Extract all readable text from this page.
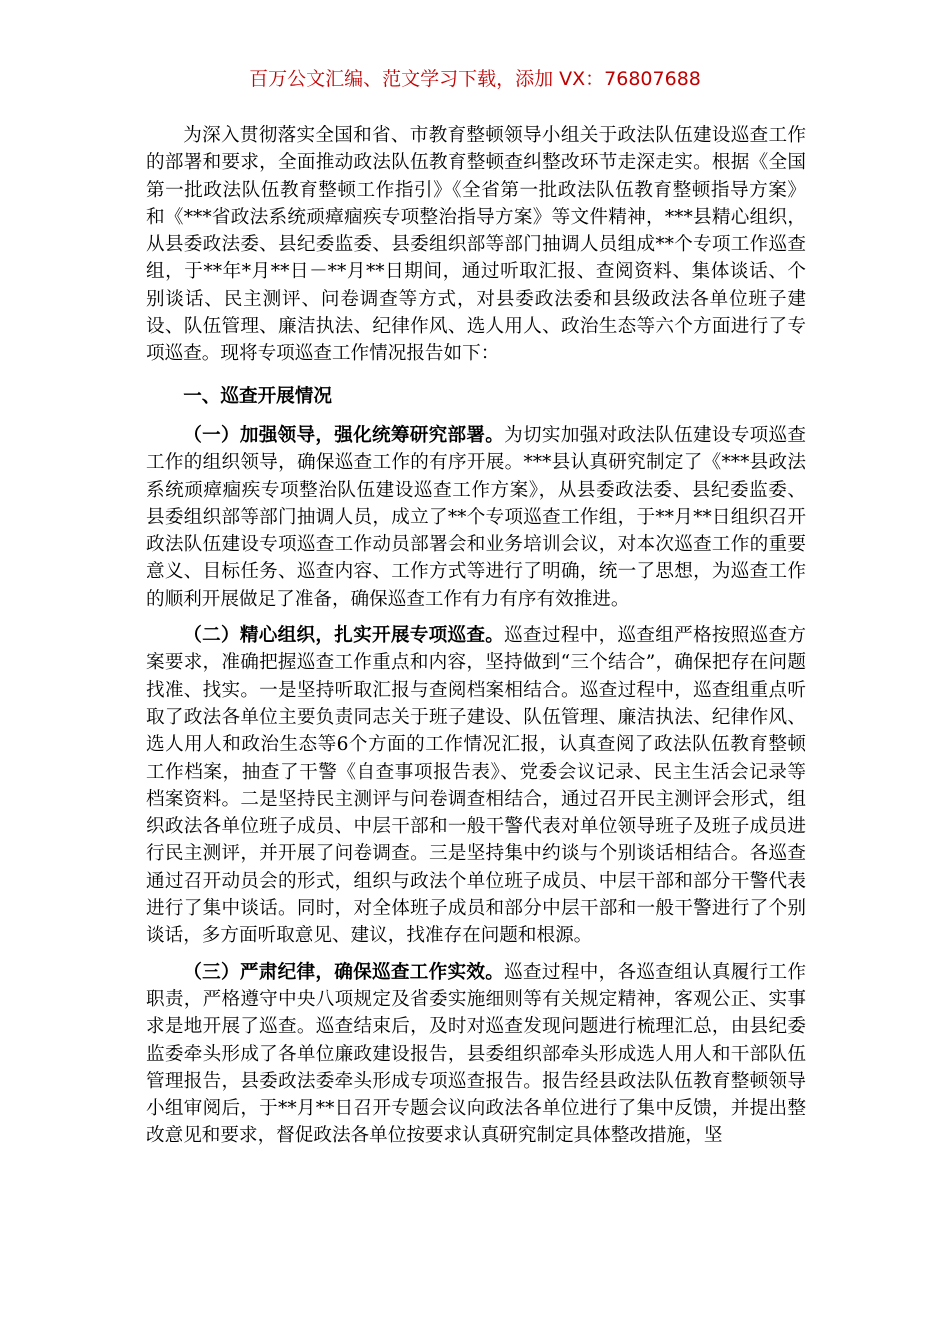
百万公文汇编、范文学习下载，添加 VX：76807688

为深入贯彻落实全国和省、市教育整顿领导小组关于政法队伍建设巡查工作的部署和要求，全面推动政法队伍教育整顿查纠整改环节走深走实。根据《全国第一批政法队伍教育整顿工作指引》《全省第一批政法队伍教育整顿指导方案》和《***省政法系统顽瘴痼疾专项整治指导方案》等文件精神，***县精心组织，从县委政法委、县纪委监委、县委组织部等部门抽调人员组成**个专项工作巡查组，于**年*月**日－**月**日期间，通过听取汇报、查阅资料、集体谈话、个别谈话、民主测评、问卷调查等方式，对县委政法委和县级政法各单位班子建设、队伍管理、廉洁执法、纪律作风、选人用人、政治生态等六个方面进行了专项巡查。现将专项巡查工作情况报告如下：

一、巡查开展情况

（一）加强领导，强化统筹研究部署。为切实加强对政法队伍建设专项巡查工作的组织领导，确保巡查工作的有序开展。***县认真研究制定了《***县政法系统顽瘴痼疾专项整治队伍建设巡查工作方案》，从县委政法委、县纪委监委、县委组织部等部门抽调人员，成立了**个专项巡查工作组，于**月**日组织召开政法队伍建设专项巡查工作动员部署会和业务培训会议，对本次巡查工作的重要意义、目标任务、巡查内容、工作方式等进行了明确，统一了思想，为巡查工作的顺利开展做足了准备，确保巡查工作有力有序有效推进。

（二）精心组织，扎实开展专项巡查。巡查过程中，巡查组严格按照巡查方案要求，准确把握巡查工作重点和内容，坚持做到“三个结合”，确保把存在问题找准、找实。一是坚持听取汇报与查阅档案相结合。巡查过程中，巡查组重点听取了政法各单位主要负责同志关于班子建设、队伍管理、廉洁执法、纪律作风、选人用人和政治生态等6个方面的工作情况汇报，认真查阅了政法队伍教育整顿工作档案，抽查了干警《自查事项报告表》、党委会议记录、民主生活会记录等档案资料。二是坚持民主测评与问卷调查相结合，通过召开民主测评会形式，组织政法各单位班子成员、中层干部和一般干警代表对单位领导班子及班子成员进行民主测评，并开展了问卷调查。三是坚持集中约谈与个别谈话相结合。各巡查通过召开动员会的形式，组织与政法个单位班子成员、中层干部和部分干警代表进行了集中谈话。同时，对全体班子成员和部分中层干部和一般干警进行了个别谈话，多方面听取意见、建议，找准存在问题和根源。

（三）严肃纪律，确保巡查工作实效。巡查过程中，各巡查组认真履行工作职责，严格遵守中央八项规定及省委实施细则等有关规定精神，客观公正、实事求是地开展了巡查。巡查结束后，及时对巡查发现问题进行梳理汇总，由县纪委监委牵头形成了各单位廉政建设报告，县委组织部牵头形成选人用人和干部队伍管理报告，县委政法委牵头形成专项巡查报告。报告经县政法队伍教育整顿领导小组审阅后，于**月**日召开专题会议向政法各单位进行了集中反馈，并提出整改意见和要求，督促政法各单位按要求认真研究制定具体整改措施，坚
